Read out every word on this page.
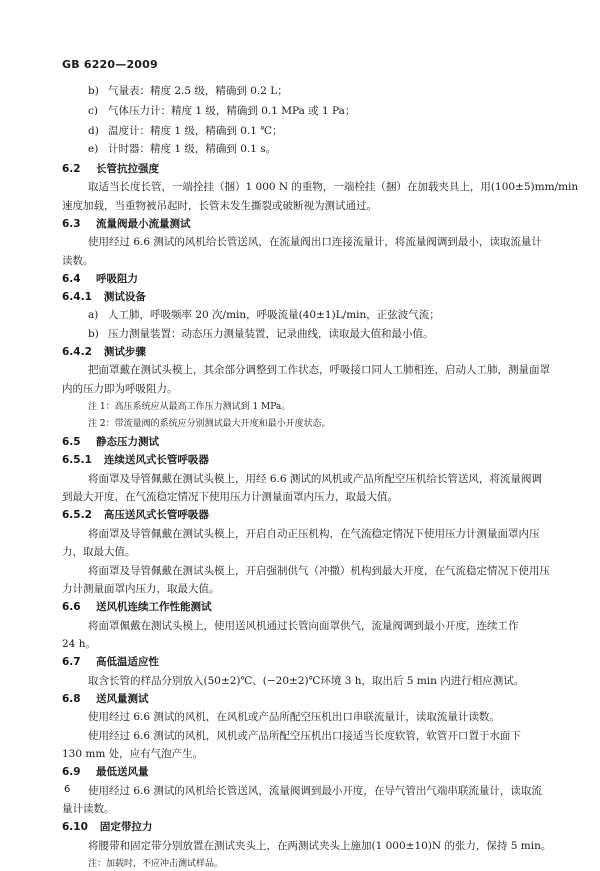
GB 6220—2009
b) 气量表：精度 2.5 级，精确到 0.2 L；
c) 气体压力计：精度 1 级，精确到 0.1 MPa 或 1 Pa；
d) 温度计：精度 1 级，精确到 0.1 ℃；
e) 计时器：精度 1 级，精确到 0.1 s。
6.2 长管抗拉强度
取适当长度长管，一端拴挂（捆）1 000 N 的重物，一端栓挂（捆）在加载夹具上，用(100±5)mm/min
速度加载，当重物被吊起时，长管未发生撕裂或破断视为测试通过。
6.3 流量阀最小流量测试
使用经过 6.6 测试的风机给长管送风，在流量阀出口连接流量计，将流量阀调到最小，读取流量计
读数。
6.4 呼吸阻力
6.4.1 测试设备
a) 人工肺，呼吸频率 20 次/min，呼吸流量(40±1)L/min，正弦波气流；
b) 压力测量装置：动态压力测量装置，记录曲线，读取最大值和最小值。
6.4.2 测试步骤
把面罩戴在测试头模上，其余部分调整到工作状态，呼吸接口同人工肺相连，启动人工肺，测量面罩
内的压力即为呼吸阻力。
注 1：高压系统应从最高工作压力测试到 1 MPa。
注 2：带流量阀的系统应分别测试最大开度和最小开度状态。
6.5 静态压力测试
6.5.1 连续送风式长管呼吸器
将面罩及导管佩戴在测试头模上，用经 6.6 测试的风机或产品所配空压机给长管送风，将流量阀调
到最大开度，在气流稳定情况下使用压力计测量面罩内压力，取最大值。
6.5.2 高压送风式长管呼吸器
将面罩及导管佩戴在测试头模上，开启自动正压机构，在气流稳定情况下使用压力计测量面罩内压
力，取最大值。
将面罩及导管佩戴在测试头模上，开启强制供气（冲撒）机构到最大开度，在气流稳定情况下使用压
力计测量面罩内压力，取最大值。
6.6 送风机连续工作性能测试
将面罩佩戴在测试头模上，使用送风机通过长管向面罩供气，流量阀调到最小开度，连续工作
24 h。
6.7 高低温适应性
取含长管的样品分别放入(50±2)℃、(−20±2)℃环境 3 h，取出后 5 min 内进行相应测试。
6.8 送风量测试
使用经过 6.6 测试的风机，在风机或产品所配空压机出口串联流量计，读取流量计读数。
使用经过 6.6 测试的风机，风机或产品所配空压机出口接适当长度软管，软管开口置于水面下
130 mm 处，应有气泡产生。
6.9 最低送风量
使用经过 6.6 测试的风机给长管送风，流量阀调到最小开度，在导气管出气端串联流量计，读取流
量计读数。
6.10 固定带拉力
将腰带和固定带分别放置在测试夹头上，在两测试夹头上施加(1 000±10)N 的张力，保持 5 min。
注：加载时，不应冲击测试样品。
6
